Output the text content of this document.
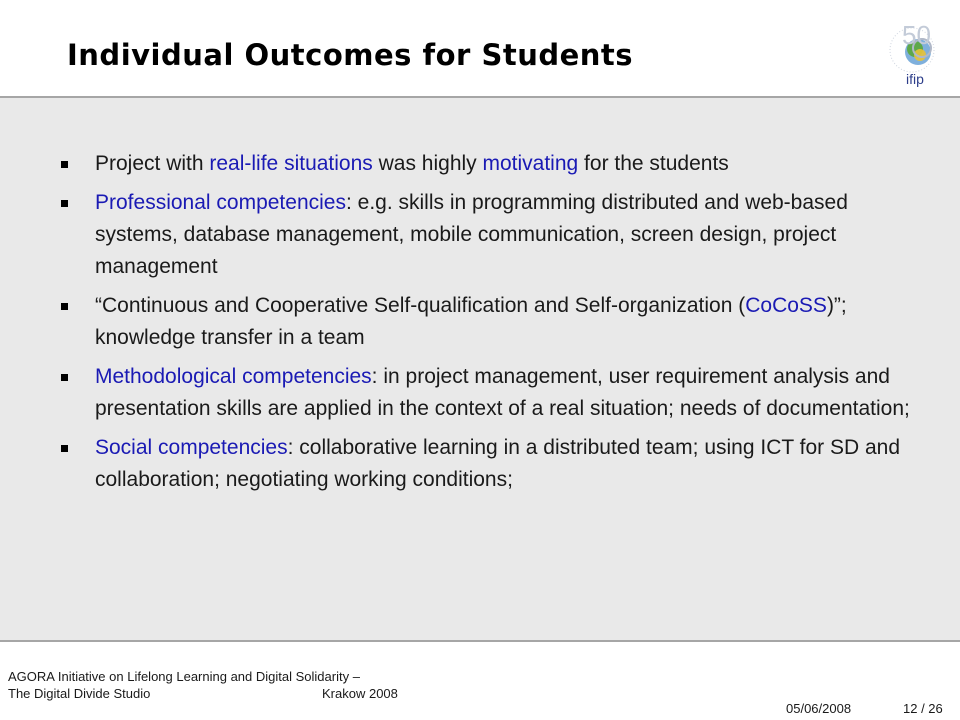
Individual Outcomes for Students
50
ifip
Project with real-life situations was highly motivating for the students
Professional competencies: e.g. skills in programming distributed and web-based systems, database management, mobile communication, screen design, project management
“Continuous and Cooperative Self-qualification and Self-organization (CoCoSS)”; knowledge transfer in a team
Methodological competencies: in project management, user requirement analysis and presentation skills are applied in the context of a real situation; needs of documentation;
Social competencies: collaborative learning in a distributed team; using ICT for SD and collaboration; negotiating working conditions;
AGORA Initiative on Lifelong Learning and Digital Solidarity –
The Digital Divide Studio	Krakow 2008
05/06/2008	12 / 26
